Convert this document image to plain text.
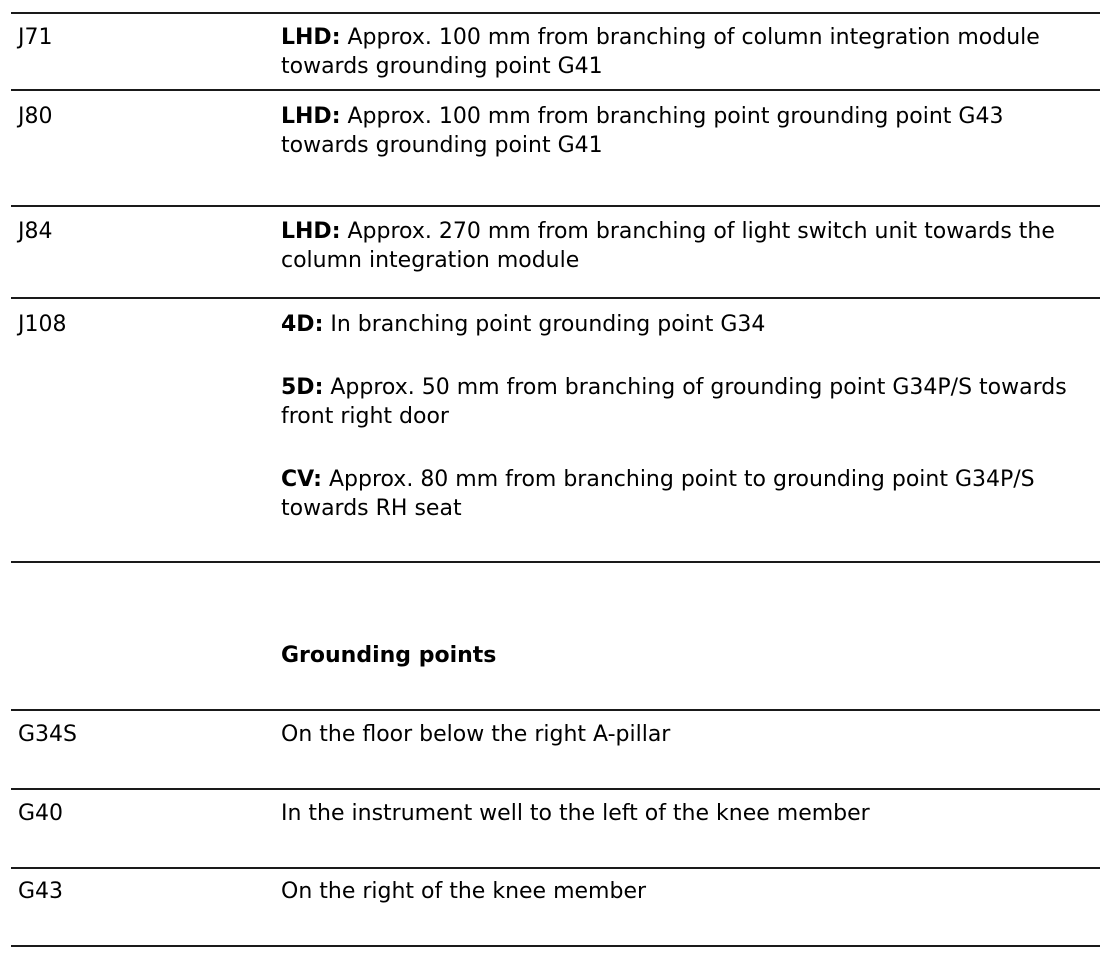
J71	LHD: Approx. 100 mm from branching of column integration module towards grounding point G41
J80	LHD: Approx. 100 mm from branching point grounding point G43 towards grounding point G41
J84	LHD: Approx. 270 mm from branching of light switch unit towards the column integration module
J108	4D: In branching point grounding point G34
5D: Approx. 50 mm from branching of grounding point G34P/S towards front right door
CV: Approx. 80 mm from branching point to grounding point G34P/S towards RH seat
Grounding points
G34S	On the floor below the right A-pillar
G40	In the instrument well to the left of the knee member
G43	On the right of the knee member
